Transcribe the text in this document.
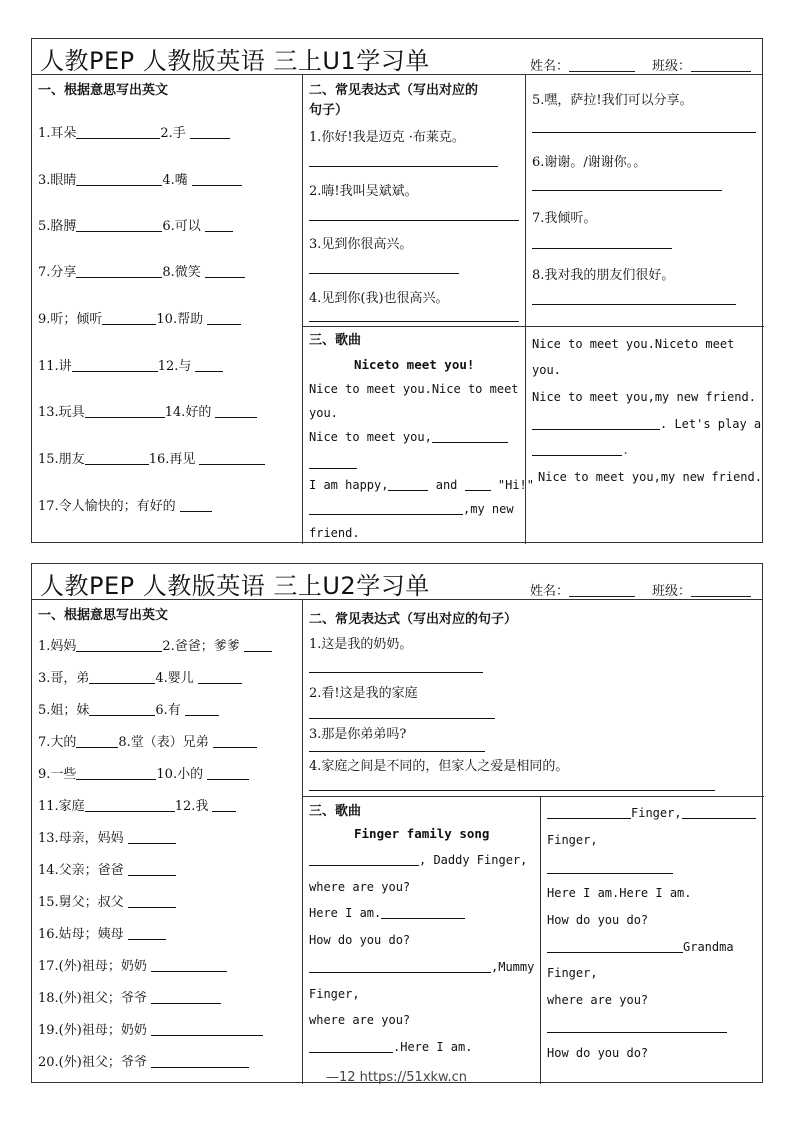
人教PEP 人教版英语 三上U1学习单	姓名：	班级：
一、根据意思写出英文
1.耳朵	2.手
3.眼睛	4.嘴
5.胳膊	6.可以
7.分享	8.微笑
9.听；倾听	10.帮助
11.讲	12.与
13.玩具	14.好的
15.朋友	16.再见
17.令人愉快的；有好的
二、常见表达式（写出对应的
句子）
1.你好!我是迈克 ·布莱克。
2.嗨!我叫吴斌斌。
3.见到你很高兴。
4.见到你(我)也很高兴。
5.嘿，萨拉!我们可以分享。
6.谢谢。/谢谢你。。
7.我倾听。
8.我对我的朋友们很好。
三、歌曲
Niceto meet you!
Nice to meet you.Nice to meet
you.
Nice to meet you,
I am happy,	and	"Hi!"
,my new
friend.
Nice to meet you.Niceto meet
you.
Nice to meet you,my new friend.
. Let's play a
.
Nice to meet you,my new friend.
人教PEP 人教版英语 三上U2学习单	姓名：	班级：
一、根据意思写出英文
1.妈妈	2.爸爸；爹爹
3.哥，弟	4.婴儿
5.姐；妹	6.有
7.大的	8.堂（表）兄弟
9.一些	10.小的
11.家庭	12.我
13.母亲，妈妈
14.父亲；爸爸
15.舅父；叔父
16.姑母；姨母
17.(外)祖母；奶奶
18.(外)祖父；爷爷
19.(外)祖母；奶奶
20.(外)祖父；爷爷
二、常见表达式（写出对应的句子）
1.这是我的奶奶。
2.看!这是我的家庭
3.那是你弟弟吗?
4.家庭之间是不同的，但家人之爱是相同的。
三、歌曲
Finger family song
, Daddy Finger,
where are you?
Here I am.
How do you do?
,Mummy
Finger,
where are you?
.Here I am.
Finger,
Finger,
Here I am.Here I am.
How do you do?
Grandma
Finger,
where are you?
How do you do?
—12 https://51xkw.cn
